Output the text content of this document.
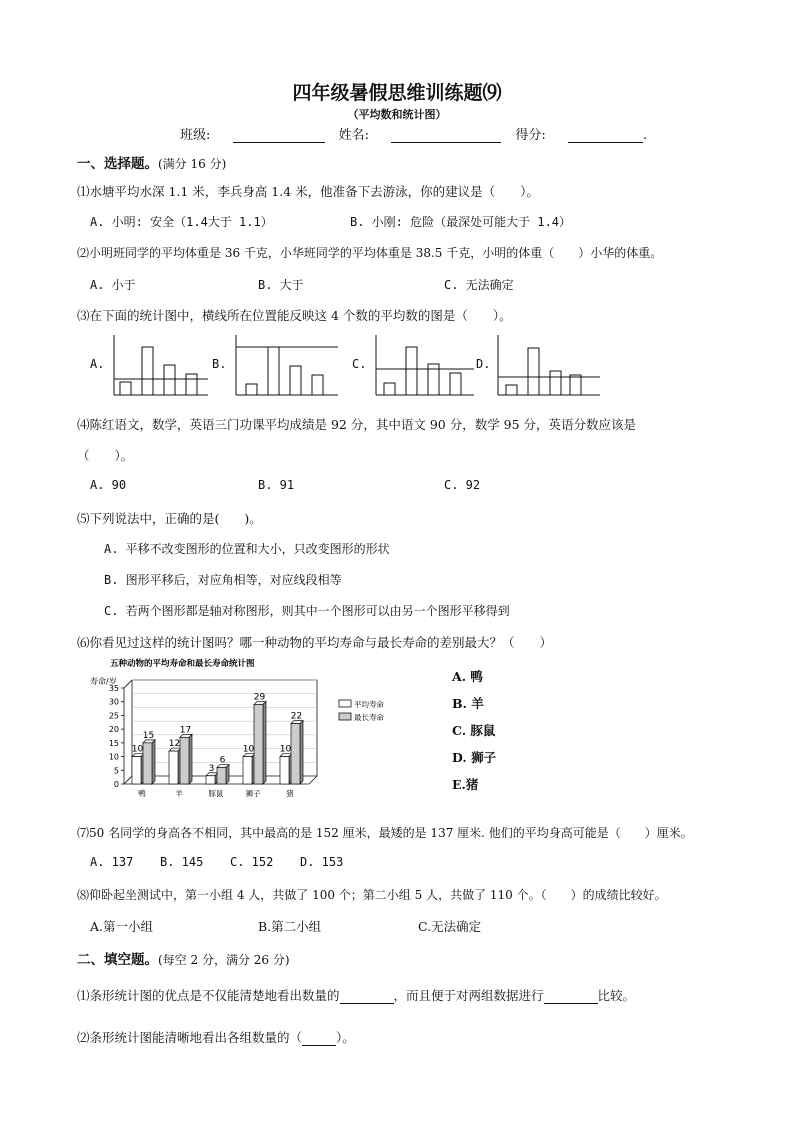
四年级暑假思维训练题⑼
（平均数和统计图）
班级:	姓名:	得分:	.
一、选择题。(满分 16 分)
⑴水塘平均水深 1.1 米，李兵身高 1.4 米，他准备下去游泳，你的建议是（　　）。
A. 小明: 安全（1.4大于 1.1）	B. 小刚: 危险（最深处可能大于 1.4）
⑵小明班同学的平均体重是 36 千克，小华班同学的平均体重是 38.5 千克，小明的体重（　　）小华的体重。
A. 小于	B. 大于	C. 无法确定
⑶在下面的统计图中，横线所在位置能反映这 4 个数的平均数的图是（　　）。
A.	B.	C.	D.
⑷陈红语文，数学，英语三门功课平均成绩是 92 分，其中语文 90 分，数学 95 分，英语分数应该是
（　　）。
A. 90	B. 91	C. 92
⑸下列说法中，正确的是(　　)。
A. 平移不改变图形的位置和大小，只改变图形的形状
B. 图形平移后，对应角相等，对应线段相等
C. 若两个图形都是轴对称图形，则其中一个图形可以由另一个图形平移得到
⑹你看见过这样的统计图吗？哪一种动物的平均寿命与最长寿命的差别最大？（　　）
五种动物的平均寿命和最长寿命统计图
寿命/岁
0
5
10
15
20
25
30
35
10
15
12
17
3
6
10
29
10
22
鸭	羊	豚鼠	狮子	猪
平均寿命
最长寿命
A. 鸭
B. 羊
C. 豚鼠
D. 狮子
E.猪
⑺50 名同学的身高各不相同，其中最高的是 152 厘米，最矮的是 137 厘米. 他们的平均身高可能是（　　）厘米。
A. 137 B. 145 C. 152 D. 153
⑻仰卧起坐测试中，第一小组 4 人，共做了 100 个；第二小组 5 人，共做了 110 个。（　　）的成绩比较好。
A.第一小组	B.第二小组	C.无法确定
二、填空题。(每空 2 分，满分 26 分)
⑴条形统计图的优点是不仅能清楚地看出数量的	，而且便于对两组数据进行	比较。
⑵条形统计图能清晰地看出各组数量的（	）。
